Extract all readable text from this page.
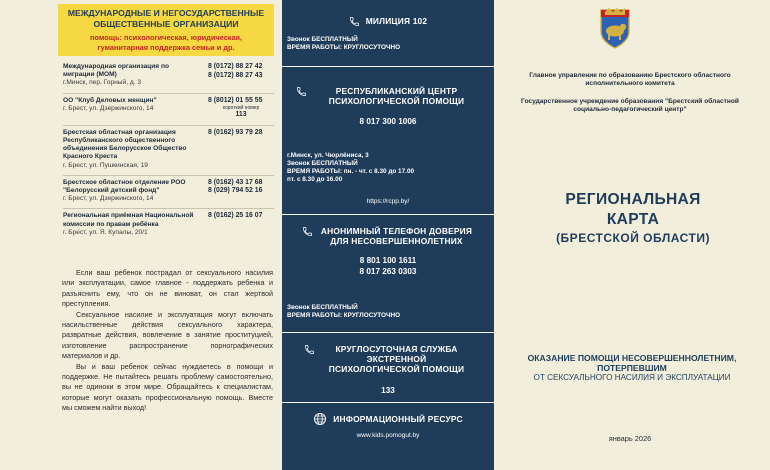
МЕЖДУНАРОДНЫЕ И НЕГОСУДАРСТВЕННЫЕ ОБЩЕСТВЕННЫЕ ОРГАНИЗАЦИИ
помощь: психологическая, юридическая, гуманитарная поддержка семьи и др.
Международная организация по миграции (МОМ)
г.Минск, пер. Горный, д. 3
8 (0172) 88 27 42
8 (0172) 88 27 43
ОО "Клуб Деловых женщин"
г. Брест, ул. Дзержинского, 14
8 (8012) 01 55 55
короткий номер
113
Брестская областная организация Республиканского общественного объединения Белорусское Общество Красного Креста
г. Брест, ул. Пушкинская, 19
8 (0162) 93 79 28
Брестское областное отделение РОО "Белорусский детский фонд"
г. Брест, ул. Дзержинского, 14
8 (0162) 43 17 68
8 (029) 794 52 16
Региональная приёмная Национальной комиссии по правам ребёнка
г. Брест, ул. Я. Купалы, 20/1
8 (0162) 25 16 07

Если ваш ребенок пострадал от сексуального насилия или эксплуатации, самое главное - поддержать ребенка и разъяснить ему, что он не виноват, он стал жертвой преступления.

Сексуальное насилие и эксплуатация могут включать насильственные действия сексуального характера, развратные действия, вовлечение в занятие проституцией, изготовление распространение порнографических материалов и др.

Вы и ваш ребенок сейчас нуждаетесь в помощи и поддержке. Не пытайтесь решать проблему самостоятельно, вы не одиноки в этом мире. Обращайтесь к специалистам, которые могут оказать профессиональную помощь. Вместе мы сможем найти выход!

МИЛИЦИЯ 102
Звонок БЕСПЛАТНЫЙ
ВРЕМЯ РАБОТЫ: КРУГЛОСУТОЧНО
РЕСПУБЛИКАНСКИЙ ЦЕНТР ПСИХОЛОГИЧЕСКОЙ ПОМОЩИ
8 017 300 1006
г.Минск, ул. Чюрлёниса, 3
Звонок БЕСПЛАТНЫЙ
ВРЕМЯ РАБОТЫ: пн. - чт. с 8.30 до 17.00
пт. с 8.30 до 16.00
https://rcpp.by/
АНОНИМНЫЙ ТЕЛЕФОН ДОВЕРИЯ ДЛЯ НЕСОВЕРШЕННОЛЕТНИХ
8 801 100 1611
8 017 263 0303
Звонок БЕСПЛАТНЫЙ
ВРЕМЯ РАБОТЫ: КРУГЛОСУТОЧНО
КРУГЛОСУТОЧНАЯ СЛУЖБА ЭКСТРЕННОЙ ПСИХОЛОГИЧЕСКОЙ ПОМОЩИ
133
ИНФОРМАЦИОННЫЙ РЕСУРС
www.kids.pomogut.by
Главное управление по образованию Брестского областного исполнительного комитета
Государственное учреждение образования "Брестский областной социально-педагогический центр"
РЕГИОНАЛЬНАЯ
КАРТА
(БРЕСТСКОЙ ОБЛАСТИ)
ОКАЗАНИЕ ПОМОЩИ НЕСОВЕРШЕННОЛЕТНИМ, ПОТЕРПЕВШИМ
ОТ СЕКСУАЛЬНОГО НАСИЛИЯ И ЭКСПЛУАТАЦИИ
январь 2026
